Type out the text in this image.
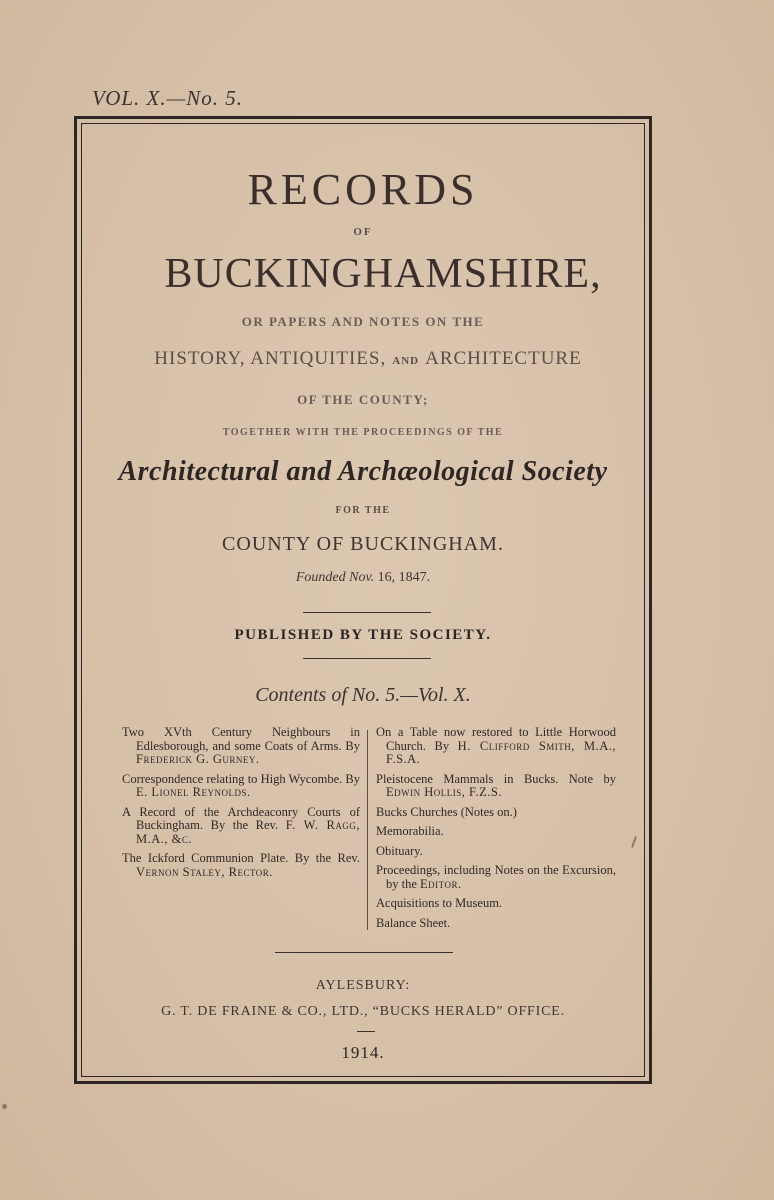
VOL. X.—No. 5.
RECORDS
OF
BUCKINGHAMSHIRE,
OR PAPERS AND NOTES ON THE
HISTORY, ANTIQUITIES, AND ARCHITECTURE
OF THE COUNTY;
TOGETHER WITH THE PROCEEDINGS OF THE
Architectural and Archæological Society
FOR THE
COUNTY OF BUCKINGHAM.
Founded Nov. 16, 1847.
PUBLISHED BY THE SOCIETY.
Contents of No. 5.—Vol. X.
Two XVth Century Neighbours in Edlesborough, and some Coats of Arms. By Frederick G. Gurney.
Correspondence relating to High Wycombe. By E. Lionel Reynolds.
A Record of the Archdeaconry Courts of Buckingham. By the Rev. F. W. Ragg, M.A., &c.
The Ickford Communion Plate. By the Rev. Vernon Staley, Rector.
On a Table now restored to Little Horwood Church. By H. Clifford Smith, M.A., F.S.A.
Pleistocene Mammals in Bucks. Note by Edwin Hollis, F.Z.S.
Bucks Churches (Notes on.)
Memorabilia.
Obituary.
Proceedings, including Notes on the Excursion, by the Editor.
Acquisitions to Museum.
Balance Sheet.
AYLESBURY:
G. T. DE FRAINE & CO., LTD., “BUCKS HERALD” OFFICE.
1914.
